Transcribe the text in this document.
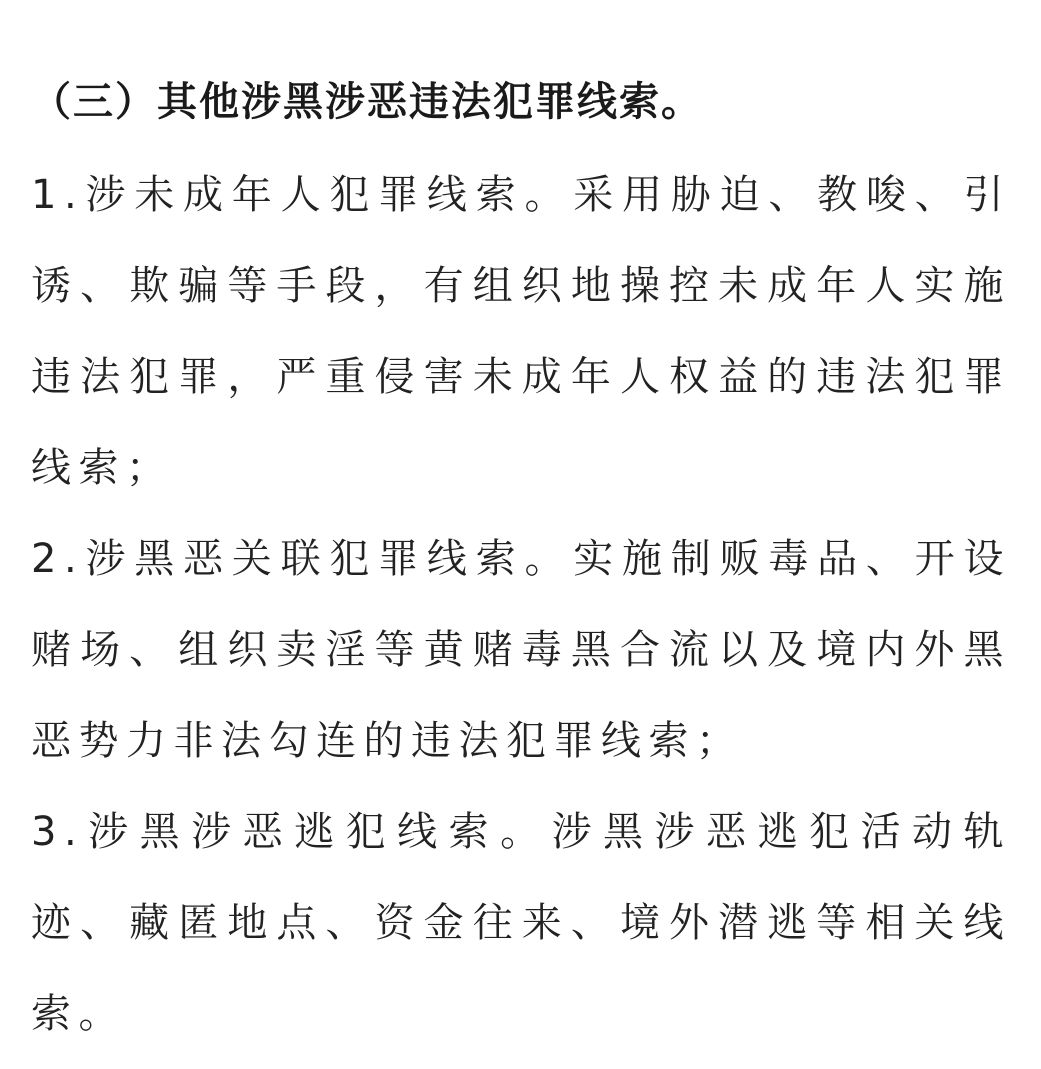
（三）其他涉黑涉恶违法犯罪线索。
1.涉未成年人犯罪线索。采用胁迫、教唆、引诱、欺骗等手段，有组织地操控未成年人实施违法犯罪，严重侵害未成年人权益的违法犯罪线索；
2.涉黑恶关联犯罪线索。实施制贩毒品、开设赌场、组织卖淫等黄赌毒黑合流以及境内外黑恶势力非法勾连的违法犯罪线索；
3.涉黑涉恶逃犯线索。涉黑涉恶逃犯活动轨迹、藏匿地点、资金往来、境外潜逃等相关线索。
